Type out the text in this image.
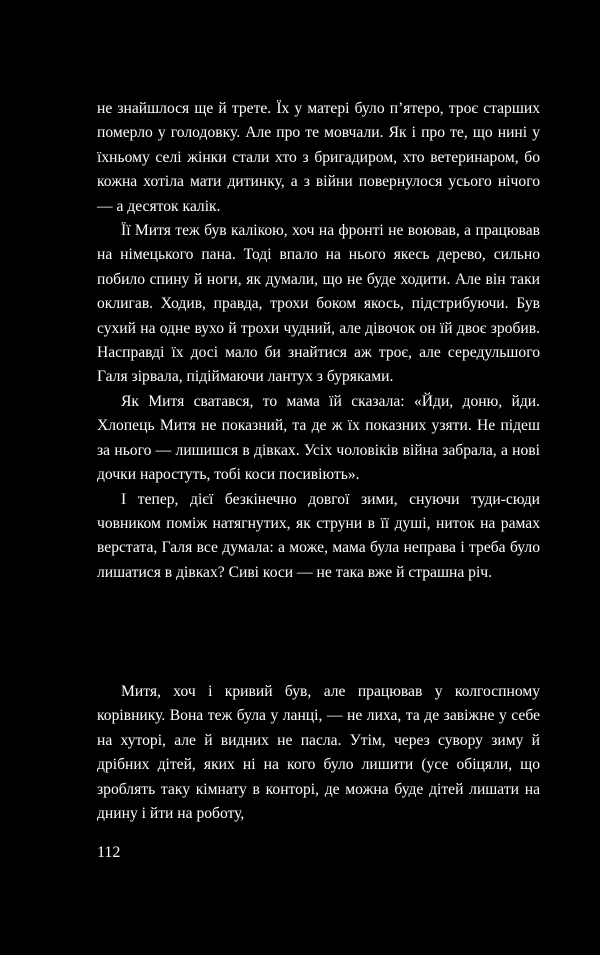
не знайшлося ще й трете. Їх у матері було п’ятеро, троє старших померло у голодовку. Але про те мовчали. Як і про те, що нині у їхньому селі жінки стали хто з бригадиром, хто ветеринаром, бо кожна хотіла мати дитинку, а з війни повернулося усього нічого — а десяток калік.

Її Митя теж був калікою, хоч на фронті не воював, а працював на німецького пана. Тоді впало на нього якесь дерево, сильно побило спину й ноги, як думали, що не буде ходити. Але він таки оклигав. Ходив, правда, трохи боком якось, підстрибуючи. Був сухий на одне вухо й трохи чудний, але дівочок он їй двоє зробив. Насправді їх досі мало би знайтися аж троє, але середульшого Галя зірвала, підіймаючи лантух з буряками.

Як Митя сватався, то мама їй сказала: «Йди, доню, йди. Хлопець Митя не показний, та де ж їх показних узяти. Не підеш за нього — лишишся в дівках. Усіх чоловіків війна забрала, а нові дочки наростуть, тобі коси посивіють».

І тепер, дієї безкінечно довгої зими, снуючи туди-сюди човником поміж натягнутих, як струни в її душі, ниток на рамах верстата, Галя все думала: а може, мама була неправа і треба було лишатися в дівках? Сиві коси — не така вже й страшна річ.

Митя, хоч і кривий був, але працював у колгоспному корівнику. Вона теж була у ланці, — не лиха, та де завіжне у себе на хуторі, але й видних не пасла. Утім, через сувору зиму й дрібних дітей, яких ні на кого було лишити (усе обіцяли, що зроблять таку кімнату в конторі, де можна буде дітей лишати на днину і йти на роботу,

112
